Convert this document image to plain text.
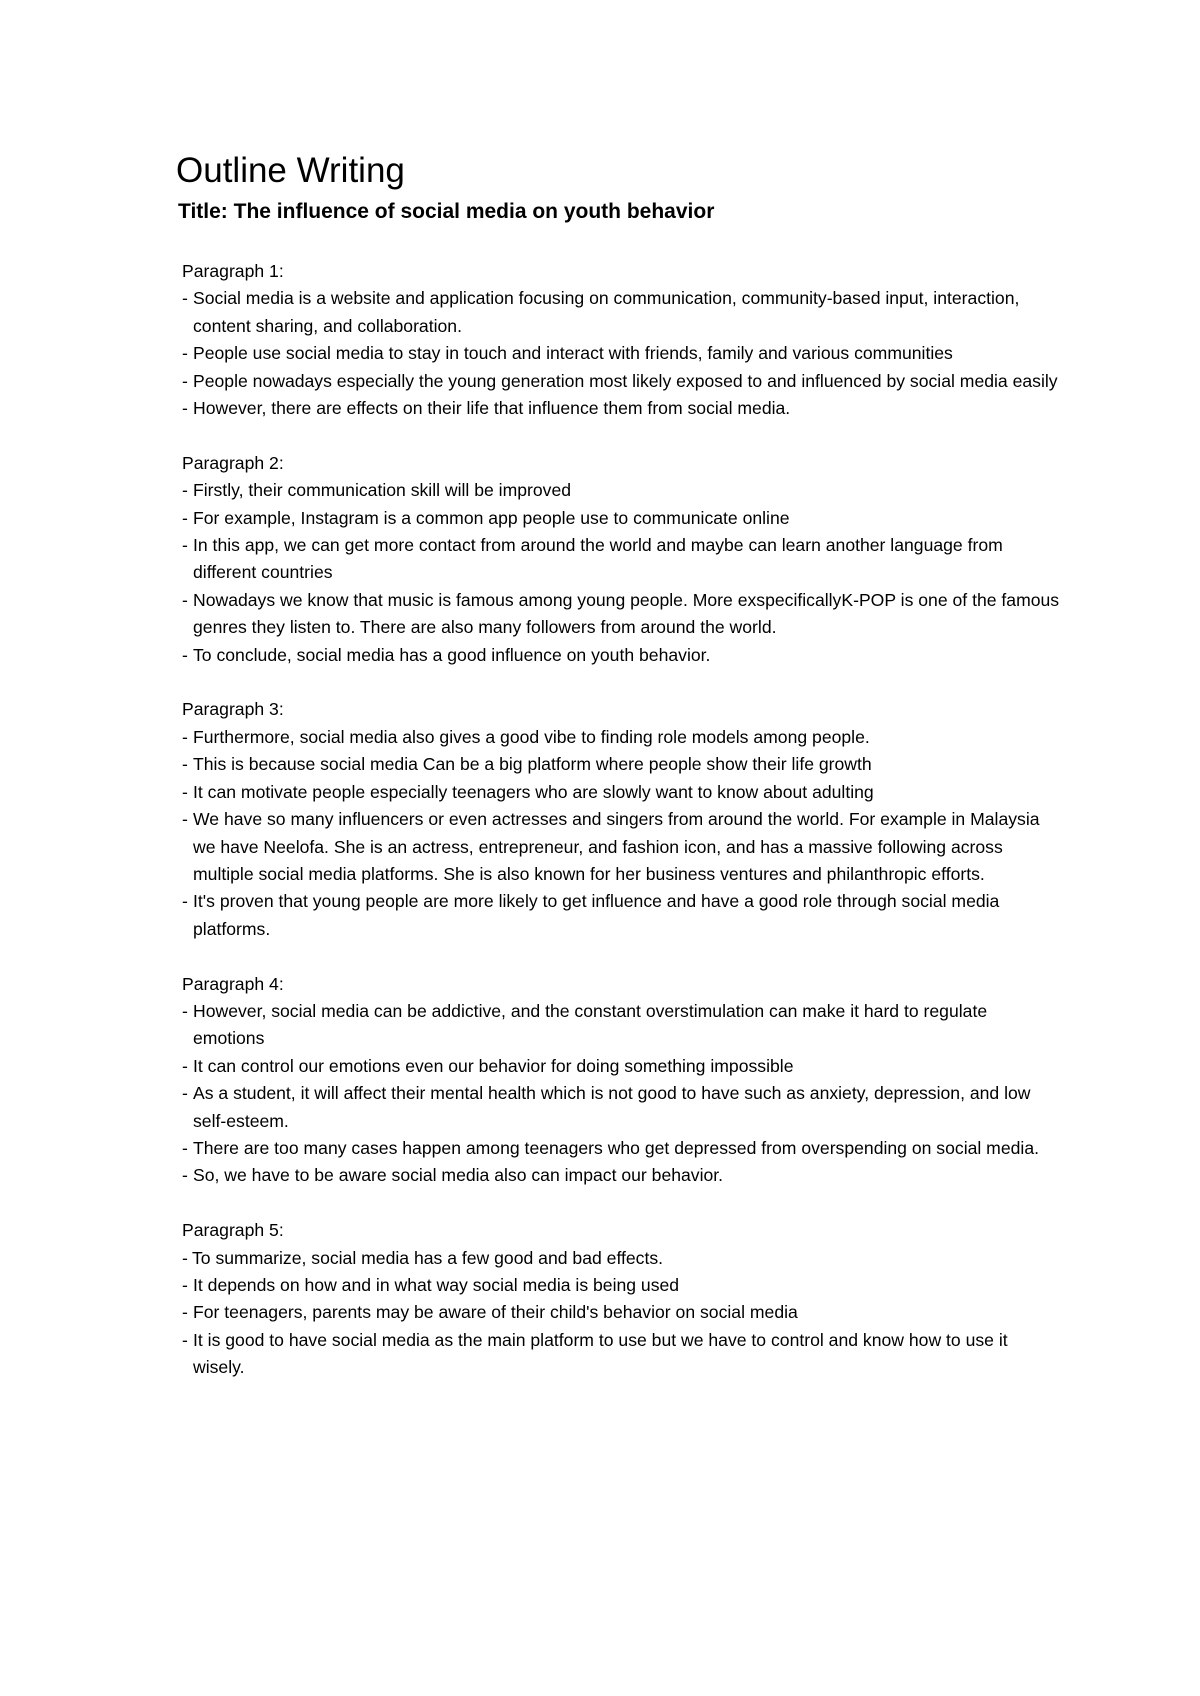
Outline Writing
Title: The influence of social media on youth behavior

Paragraph 1:

- Social media is a website and application focusing on communication, community-based input, interaction, content sharing, and collaboration.
- People use social media to stay in touch and interact with friends, family and various communities
- People nowadays especially the young generation most likely exposed to and influenced by social media easily
- However, there are effects on their life that influence them from social media.

Paragraph 2:

- Firstly, their communication skill will be improved
- For example, Instagram is a common app people use to communicate online
- In this app, we can get more contact from around the world and maybe can learn another language from different countries
- Nowadays we know that music is famous among young people. More exspecificallyK-POP is one of the famous genres they listen to. There are also many followers from around the world.
- To conclude, social media has a good influence on youth behavior.

Paragraph 3:

- Furthermore, social media also gives a good vibe to finding role models among people.
- This is because social media Can be a big platform where people show their life growth
- It can motivate people especially teenagers who are slowly want to know about adulting
- We have so many influencers or even actresses and singers from around the world. For example in Malaysia we have Neelofa. She is an actress, entrepreneur, and fashion icon, and has a massive following across multiple social media platforms. She is also known for her business ventures and philanthropic efforts.
- It's proven that young people are more likely to get influence and have a good role through social media platforms.

Paragraph 4:

- However, social media can be addictive, and the constant overstimulation can make it hard to regulate emotions
- It can control our emotions even our behavior for doing something impossible
- As a student, it will affect their mental health which is not good to have such as anxiety, depression, and low self-esteem.
- There are too many cases happen among teenagers who get depressed from overspending on social media.
- So, we have to be aware social media also can impact our behavior.

Paragraph 5:

- To summarize, social media has a few good and bad effects.
- It depends on how and in what way social media is being used
- For teenagers, parents may be aware of their child's behavior on social media
- It is good to have social media as the main platform to use but we have to control and know how to use it wisely.
